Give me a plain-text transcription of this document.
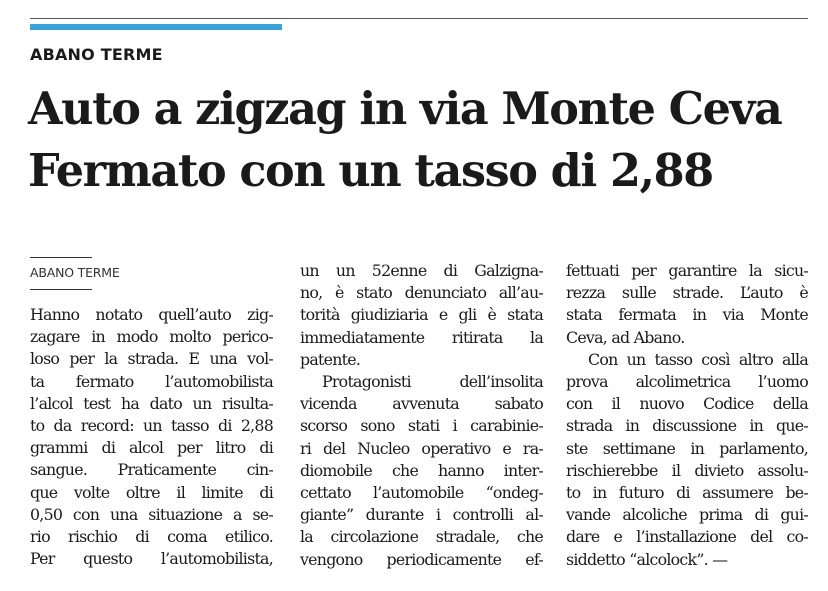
ABANO TERME
Auto a zigzag in via Monte Ceva
Fermato con un tasso di 2,88
ABANO TERME

Hanno notato quell’auto zig-
zagare in modo molto perico-
loso per la strada. E una vol-
ta fermato l’automobilista
l’alcol test ha dato un risulta-
to da record: un tasso di 2,88
grammi di alcol per litro di
sangue. Praticamente cin-
que volte oltre il limite di
0,50 con una situazione a se-
rio rischio di coma etilico.
Per questo l’automobilista,

un un 52enne di Galzigna-
no, è stato denunciato all’au-
torità giudiziaria e gli è stata
immediatamente ritirata la
patente.
Protagonisti dell’insolita
vicenda avvenuta sabato
scorso sono stati i carabinie-
ri del Nucleo operativo e ra-
diomobile che hanno inter-
cettato l’automobile “ondeg-
giante” durante i controlli al-
la circolazione stradale, che
vengono periodicamente ef-

fettuati per garantire la sicu-
rezza sulle strade. L’auto è
stata fermata in via Monte
Ceva, ad Abano.
Con un tasso così altro alla
prova alcolimetrica l’uomo
con il nuovo Codice della
strada in discussione in que-
ste settimane in parlamento,
rischierebbe il divieto assolu-
to in futuro di assumere be-
vande alcoliche prima di gui-
dare e l’installazione del co-
siddetto “alcolock”. —
